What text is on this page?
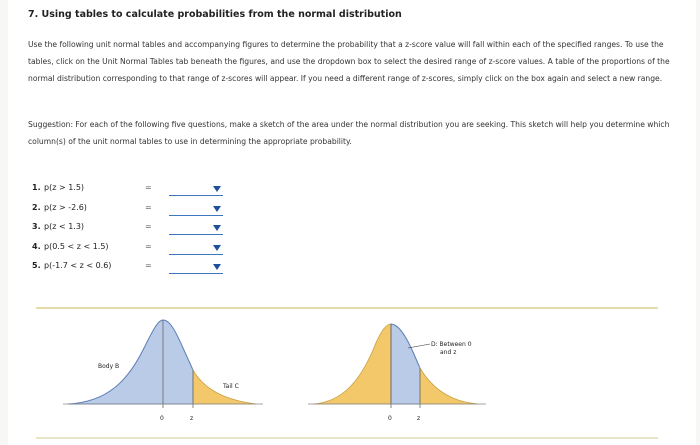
7. Using tables to calculate probabilities from the normal distribution
Use the following unit normal tables and accompanying figures to determine the probability that a z-score value will fall within each of the specified ranges. To use the tables, click on the Unit Normal Tables tab beneath the figures, and use the dropdown box to select the desired range of z-score values. A table of the proportions of the normal distribution corresponding to that range of z-scores will appear. If you need a different range of z-scores, simply click on the box again and select a new range.
Suggestion: For each of the following five questions, make a sketch of the area under the normal distribution you are seeking. This sketch will help you determine which column(s) of the unit normal tables to use in determining the appropriate probability.
1. p(z > 1.5)	=
2. p(z > -2.6)	=
3. p(z < 1.3)	=
4. p(0.5 < z < 1.5)	=
5. p(-1.7 < z < 0.6)	=
Body B
Tail C
0	z
D: Between 0
and z
0	z
